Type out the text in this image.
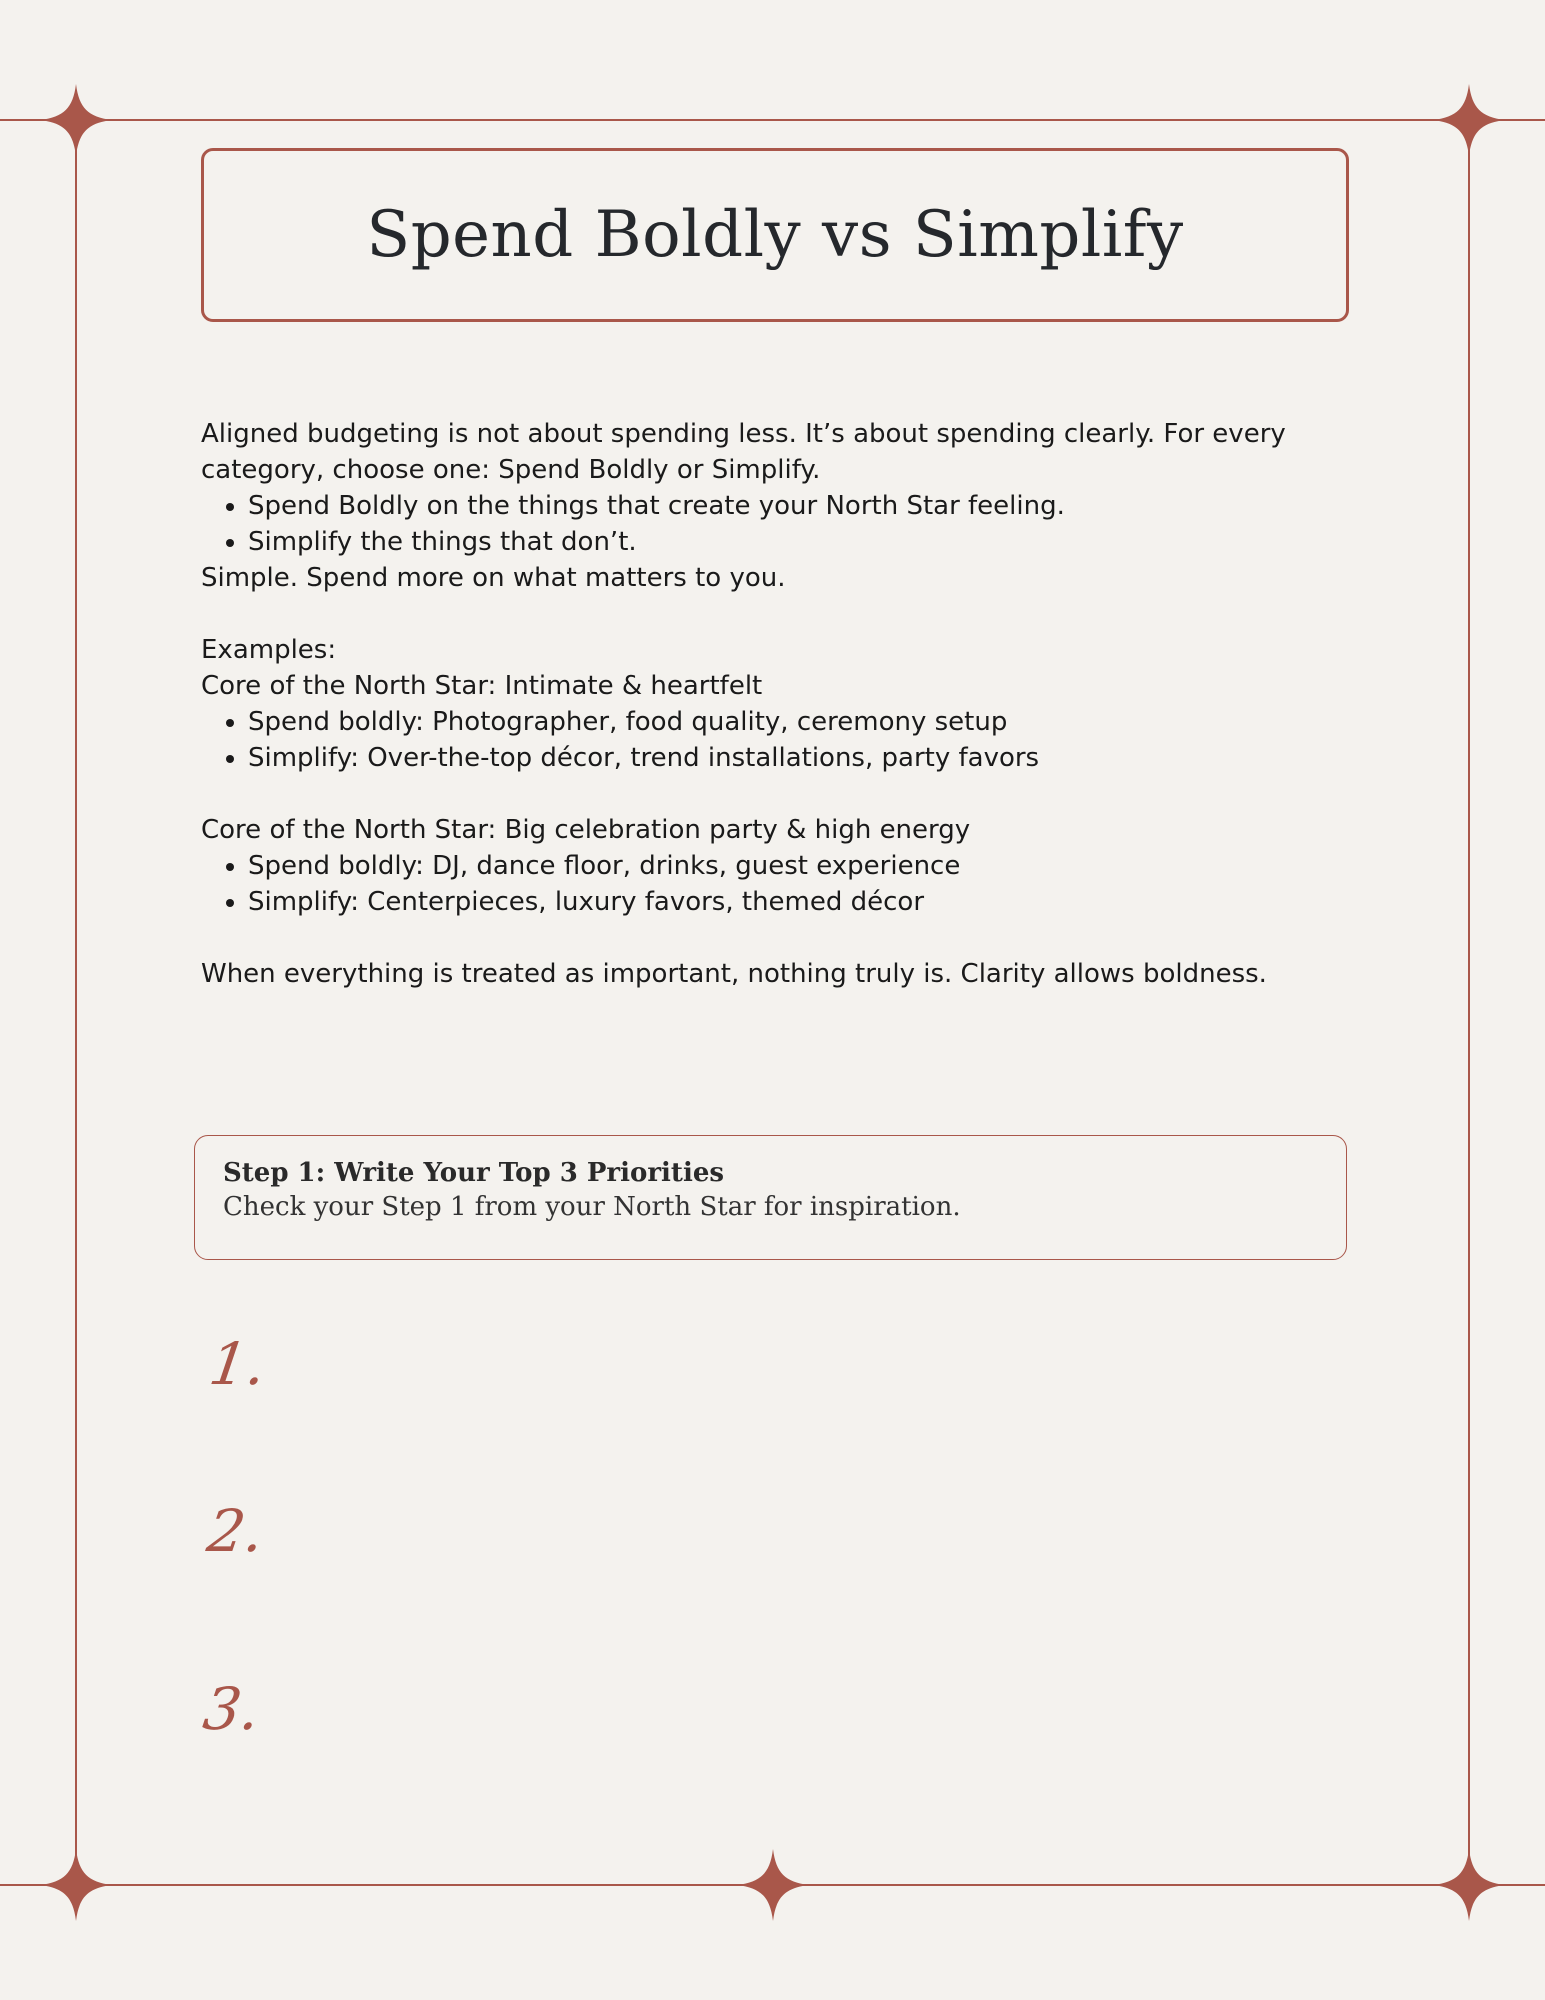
Spend Boldly vs Simplify

Aligned budgeting is not about spending less. It’s about spending clearly. For every category, choose one: Spend Boldly or Simplify.

• Spend Boldly on the things that create your North Star feeling.
• Simplify the things that don’t.

Simple. Spend more on what matters to you.

Examples:

Core of the North Star: Intimate & heartfelt

• Spend boldly: Photographer, food quality, ceremony setup
• Simplify: Over-the-top décor, trend installations, party favors

Core of the North Star: Big celebration party & high energy

• Spend boldly: DJ, dance floor, drinks, guest experience
• Simplify: Centerpieces, luxury favors, themed décor

When everything is treated as important, nothing truly is. Clarity allows boldness.

Step 1: Write Your Top 3 Priorities
Check your Step 1 from your North Star for inspiration.
1.
2.
3.
